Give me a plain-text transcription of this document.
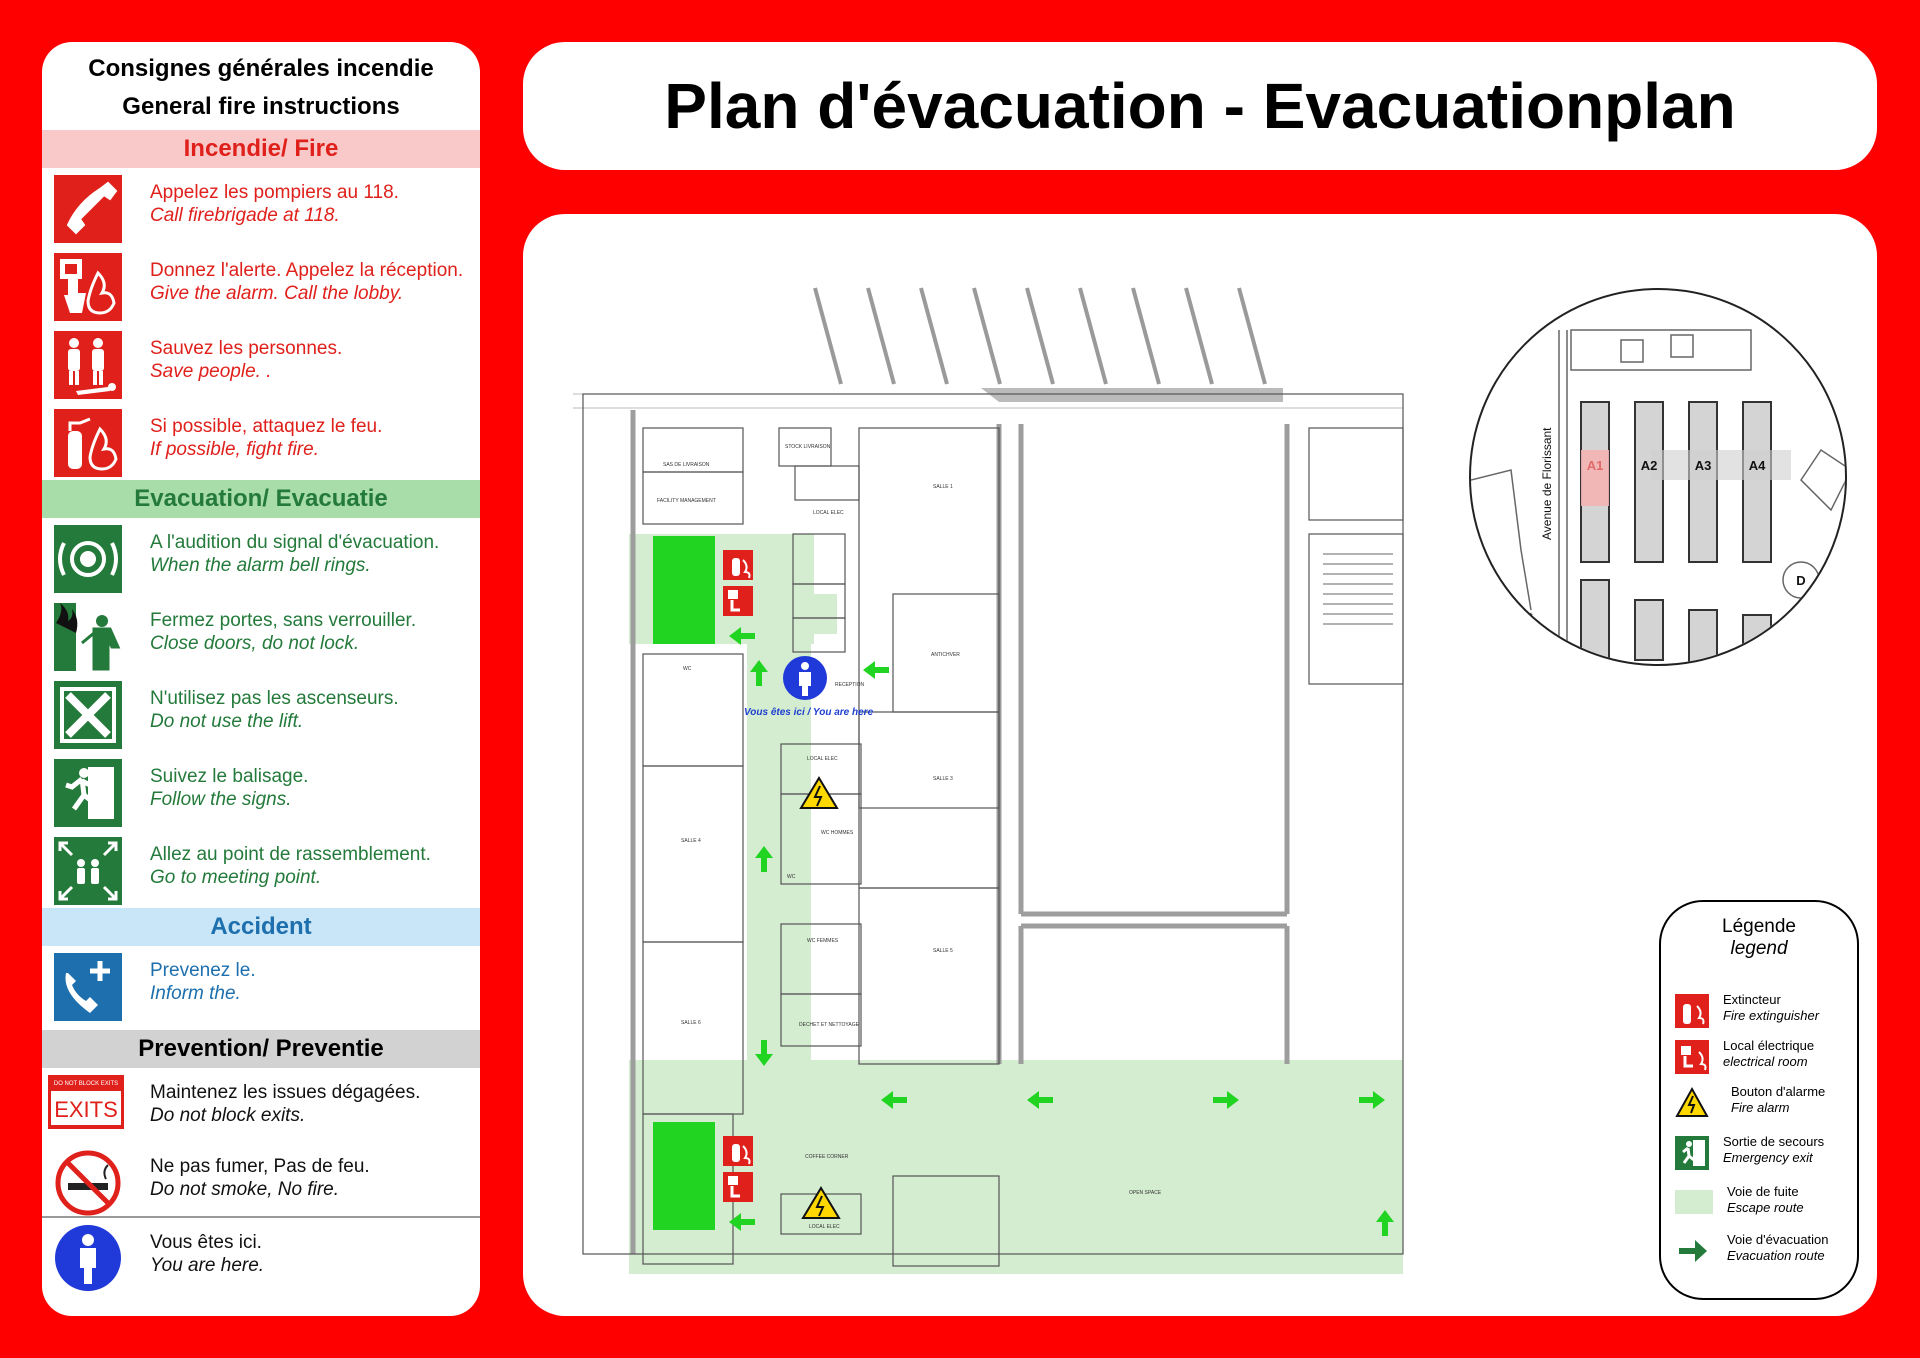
Consignes générales incendie
General fire instructions
Incendie/ Fire
Appelez les pompiers au 118.
Call firebrigade at 118.
Donnez l'alerte. Appelez la réception.
Give the alarm. Call the lobby.
Sauvez les personnes.
Save people. .
Si possible, attaquez le feu.
If possible, fight fire.
Evacuation/ Evacuatie
A l'audition du signal d'évacuation.
When the alarm bell rings.
Fermez portes, sans verrouiller.
Close doors, do not lock.
N'utilisez pas les ascenseurs.
Do not use the lift.
Suivez le balisage.
Follow the signs.
Allez au point de rassemblement.
Go to meeting point.
Accident
Prevenez le.
Inform the.
Prevention/ Preventie
DO NOT BLOCK EXITS
EXITS
Maintenez les issues dégagées.
Do not block exits.
Ne pas fumer, Pas de feu.
Do not smoke, No fire.
Vous êtes ici.
You are here.
Plan d'évacuation - Evacuationplan
STOCK LIVRAISON
SAS DE LIVRAISON
FACILITY MANAGEMENT
LOCAL ELEC
SALLE 1
WC
RECEPTION
ANTICHVER
LOCAL ELEC
SALLE 3
WC HOMMES
WC
SALLE 4
WC FEMMES
SALLE 5
SALLE 6	DECHET ET NETTOYAGE
COFFEE CORNER
OPEN SPACE
LOCAL ELEC
Vous êtes ici / You are here
A1	A2	A3	A4
Avenue de Florissant
D
let
Légende
legend
Extincteur
Fire extinguisher
Local électrique
electrical room
Bouton d'alarme
Fire alarm
Sortie de secours
Emergency exit
Voie de fuite
Escape route
Voie d'évacuation
Evacuation route
